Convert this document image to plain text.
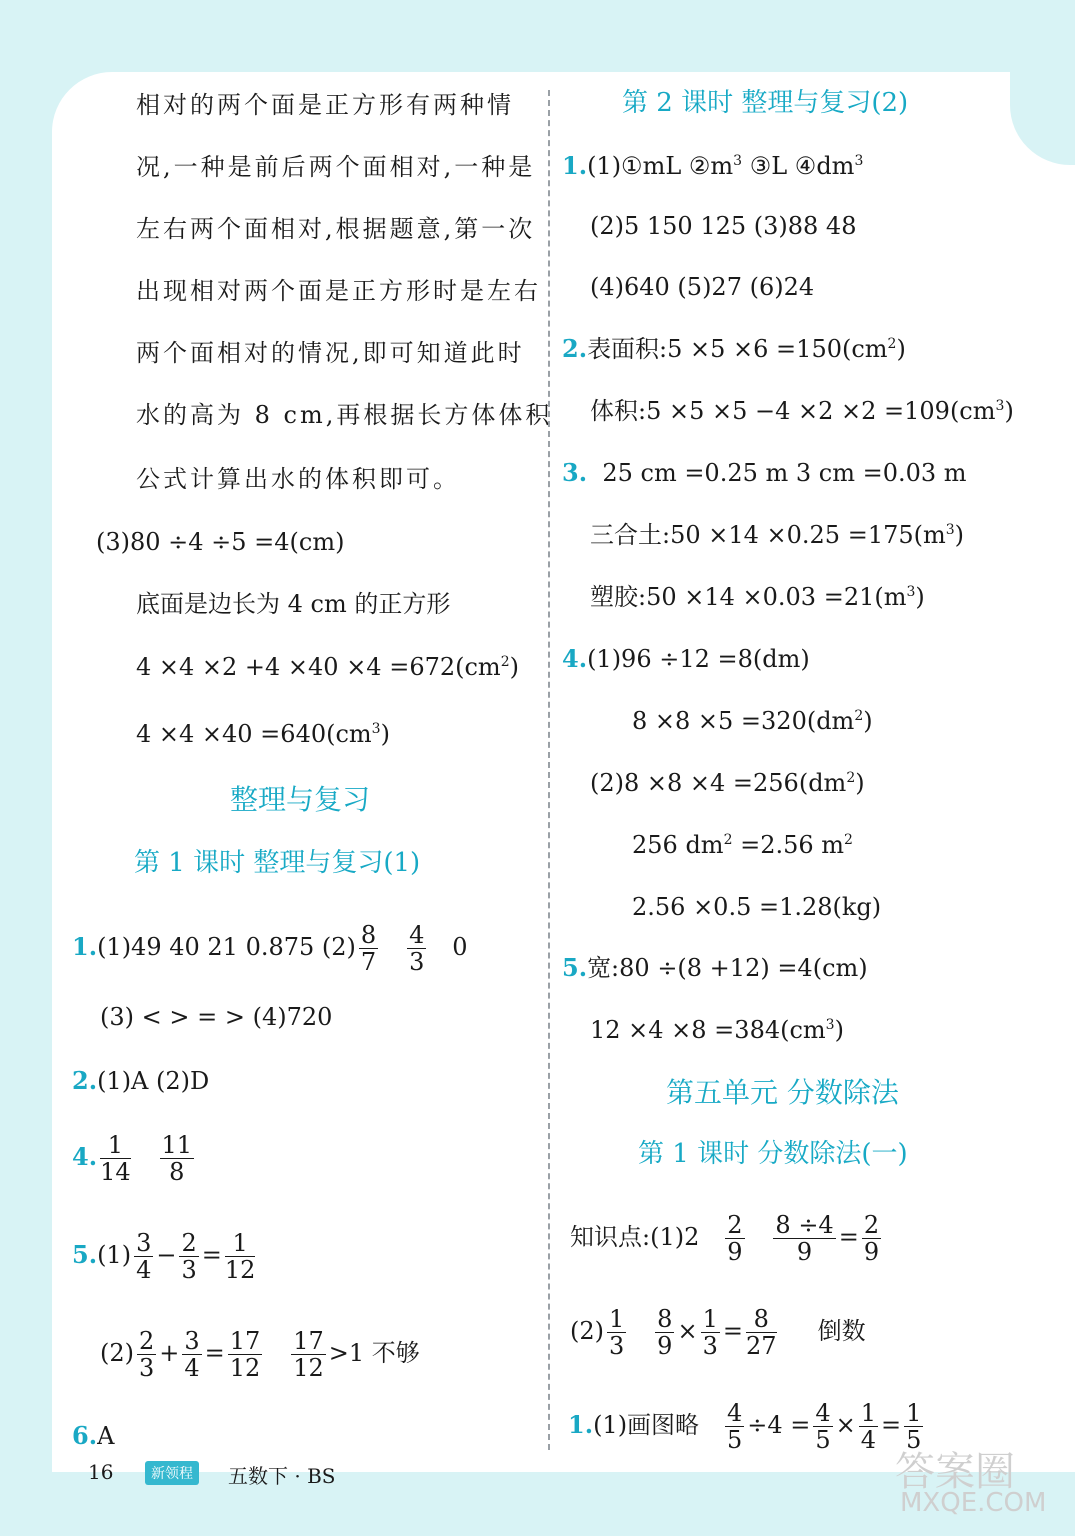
相对的两个面是正方形有两种情
况,一种是前后两个面相对,一种是
左右两个面相对,根据题意,第一次
出现相对两个面是正方形时是左右
两个面相对的情况,即可知道此时
水的高为 8 cm,再根据长方体体积
公式计算出水的体积即可。
(3)80 ÷4 ÷5 =4(cm)
底面是边长为 4 cm 的正方形
$4 \times 4 \times 2 +4 \times 40 \times 4 =672(cm^2)$
$4 \times 4 \times 40 =640(cm^3)$
整理与复习
第 1 课时 整理与复习(1)
1.(1)49 40 21 0.875 $(2) \frac{8}{7}$
$\frac{4}{3} 0$
(3) < > = > (4)720
2.(1)A (2)D
4. $\frac{1}{14}$
$\frac{11}{8}$
$5.(1) \frac{3}{4} - \frac{2}{3} = \frac{1}{12}$
$(2) \frac{2}{3} + \frac{3}{4} = \frac{17}{12}$
$\frac{17}{12} >1$ 不够
6.A
第 2 课时 整理与复习(2)
1.(1)①mL $②m^3$ ③L $④dm^3$
(2)5 150 125 (3)88 48
(4)640 (5)27 (6)24
2.表面积:5 $\times 5 \times 6 =150(cm^2)$
体积:5 $\times 5 \times 5 -4 \times 2 \times 2 =109(cm^3)$
3. 25 cm =0.25 m 3 cm =0.03 m
三合土:50 $\times 14 \times 0.25 =175(m^3)$
塑胶:50 $\times 14 \times 0.03 =21(m^3)$
4.(1)96 ÷12 =8(dm)
$8 \times 8 \times 5 =320(dm^2)$
$(2)8 \times 8 \times 4 =256(dm^2)$
256 $dm^2 =2.56$ $m^2$
2.56 ×0.5 =1.28(kg)
5.宽:80 ÷(8 +12) =4(cm)
$12 \times 4 \times 8 =384(cm^3)$
第五单元 分数除法
第 1 课时 分数除法(一)
知识点:(1)2 $\frac{2}{9}$
$\frac{8 \div 4}{9} = \frac{2}{9}$
$(2) \frac{1}{3}$
$\frac{8}{9} \times \frac{1}{3} = \frac{8}{27}$ 倒数
1.(1)画图略 $\frac{4}{5} \div 4 = \frac{4}{5} \times \frac{1}{4} = \frac{1}{5}$
16	新领程	五数下 · BS	答案圈
MXQE.COM
